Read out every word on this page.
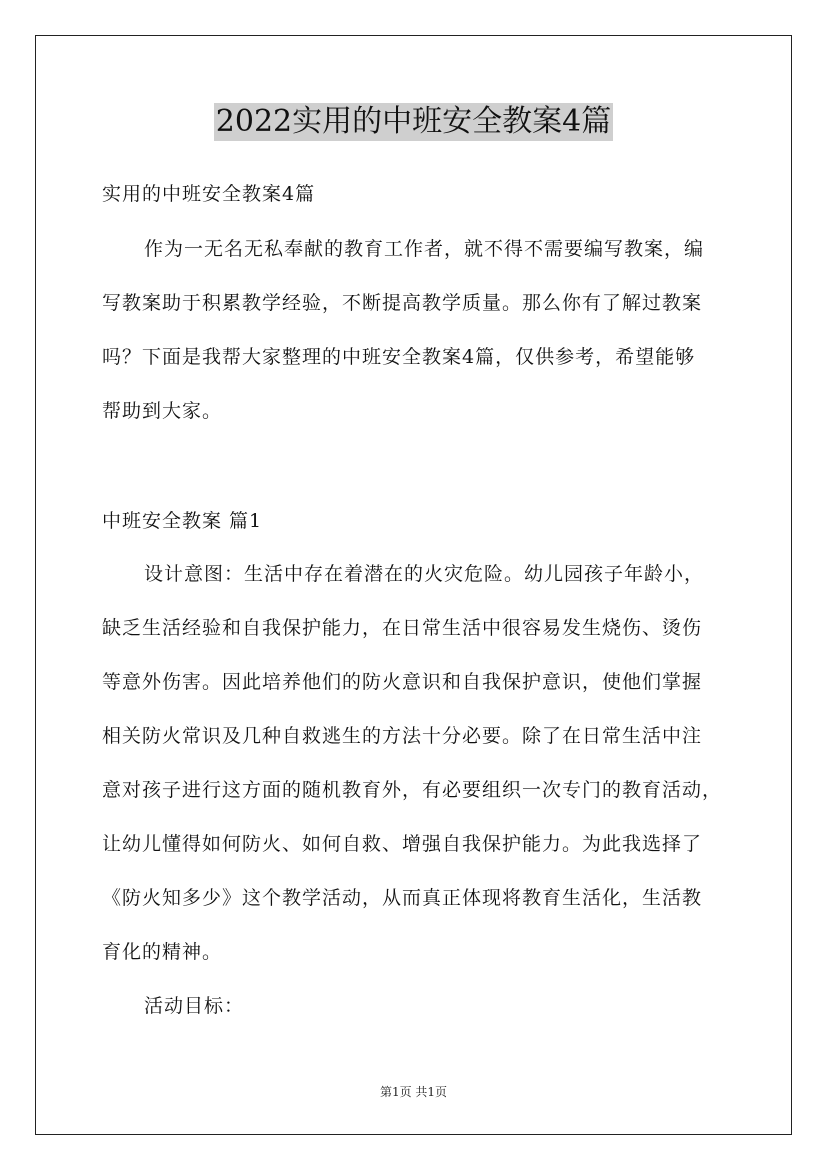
2022实用的中班安全教案4篇
实用的中班安全教案4篇
作为一无名无私奉献的教育工作者，就不得不需要编写教案，编
写教案助于积累教学经验，不断提高教学质量。那么你有了解过教案
吗？下面是我帮大家整理的中班安全教案4篇，仅供参考，希望能够
帮助到大家。
中班安全教案 篇1
设计意图：生活中存在着潜在的火灾危险。幼儿园孩子年龄小，
缺乏生活经验和自我保护能力，在日常生活中很容易发生烧伤、烫伤
等意外伤害。因此培养他们的防火意识和自我保护意识，使他们掌握
相关防火常识及几种自救逃生的方法十分必要。除了在日常生活中注
意对孩子进行这方面的随机教育外，有必要组织一次专门的教育活动，
让幼儿懂得如何防火、如何自救、增强自我保护能力。为此我选择了
《防火知多少》这个教学活动，从而真正体现将教育生活化，生活教
育化的精神。
活动目标：
第1页 共1页
